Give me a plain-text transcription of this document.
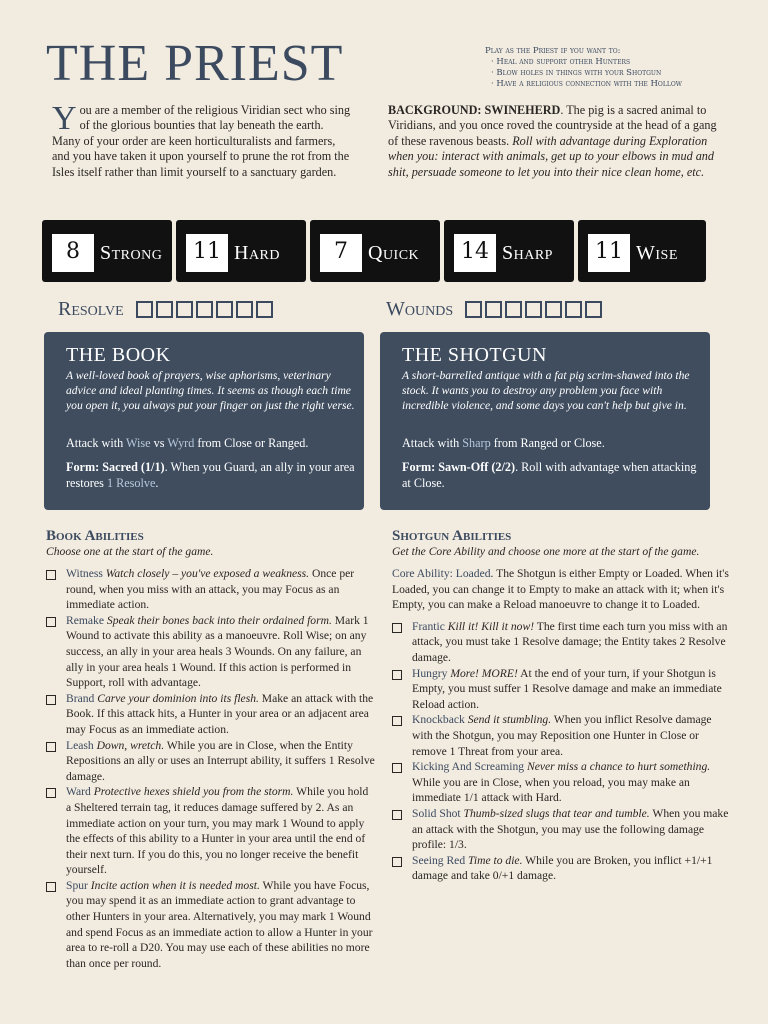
THE PRIEST	Play as the Priest if you want to:
· Heal and support other Hunters
· Blow holes in things with your Shotgun
· Have a religious connection with the Hollow

You are a member of the religious Viridian sect who sing of the glorious bounties that lay beneath the earth. Many of your order are keen horticulturalists and farmers, and you have taken it upon yourself to prune the rot from the Isles itself rather than limit yourself to a sanctuary garden.

BACKGROUND: SWINEHERD. The pig is a sacred animal to Viridians, and you once roved the countryside at the head of a gang of these ravenous beasts. Roll with advantage during Exploration when you: interact with animals, get up to your elbows in mud and shit, persuade someone to let you into their nice clean home, etc.

8	Strong	11 Hard	7	Quick	14 Sharp	11 Wise
Resolve	Wounds
THE BOOK

A well-loved book of prayers, wise aphorisms, veterinary advice and ideal planting times. It seems as though each time you open it, you always put your finger on just the right verse.

Attack with Wise vs Wyrd from Close or Ranged.

Form: Sacred (1/1). When you Guard, an ally in your area restores 1 Resolve.

THE SHOTGUN

A short-barrelled antique with a fat pig scrim-shawed into the stock. It wants you to destroy any problem you face with incredible violence, and some days you can't help but give in.

Attack with Sharp from Ranged or Close.

Form: Sawn-Off (2/2). Roll with advantage when attacking at Close.

Book Abilities

Choose one at the start of the game.

Witness Watch closely – you've exposed a weakness. Once per round, when you miss with an attack, you may Focus as an immediate action.
Remake Speak their bones back into their ordained form. Mark 1 Wound to activate this ability as a manoeuvre. Roll Wise; on any success, an ally in your area heals 3 Wounds. On any failure, an ally in your area heals 1 Wound. If this action is performed in Support, roll with advantage.
Brand Carve your dominion into its flesh. Make an attack with the Book. If this attack hits, a Hunter in your area or an adjacent area may Focus as an immediate action.
Leash Down, wretch. While you are in Close, when the Entity Repositions an ally or uses an Interrupt ability, it suffers 1 Resolve damage.
Ward Protective hexes shield you from the storm. While you hold a Sheltered terrain tag, it reduces damage suffered by 2. As an immediate action on your turn, you may mark 1 Wound to apply the effects of this ability to a Hunter in your area until the end of their next turn. If you do this, you no longer receive the benefit yourself.
Spur Incite action when it is needed most. While you have Focus, you may spend it as an immediate action to grant advantage to other Hunters in your area. Alternatively, you may mark 1 Wound and spend Focus as an immediate action to allow a Hunter in your area to re-roll a D20. You may use each of these abilities no more than once per round.
Shotgun Abilities

Get the Core Ability and choose one more at the start of the game.

Core Ability: Loaded. The Shotgun is either Empty or Loaded. When it's Loaded, you can change it to Empty to make an attack with it; when it's Empty, you can make a Reload manoeuvre to change it to Loaded.

Frantic Kill it! Kill it now! The first time each turn you miss with an attack, you must take 1 Resolve damage; the Entity takes 2 Resolve damage.
Hungry More! MORE! At the end of your turn, if your Shotgun is Empty, you must suffer 1 Resolve damage and make an immediate Reload action.
Knockback Send it stumbling. When you inflict Resolve damage with the Shotgun, you may Reposition one Hunter in Close or remove 1 Threat from your area.
Kicking And Screaming Never miss a chance to hurt something. While you are in Close, when you reload, you may make an immediate 1/1 attack with Hard.
Solid Shot Thumb-sized slugs that tear and tumble. When you make an attack with the Shotgun, you may use the following damage profile: 1/3.
Seeing Red Time to die. While you are Broken, you inflict +1/+1 damage and take 0/+1 damage.
